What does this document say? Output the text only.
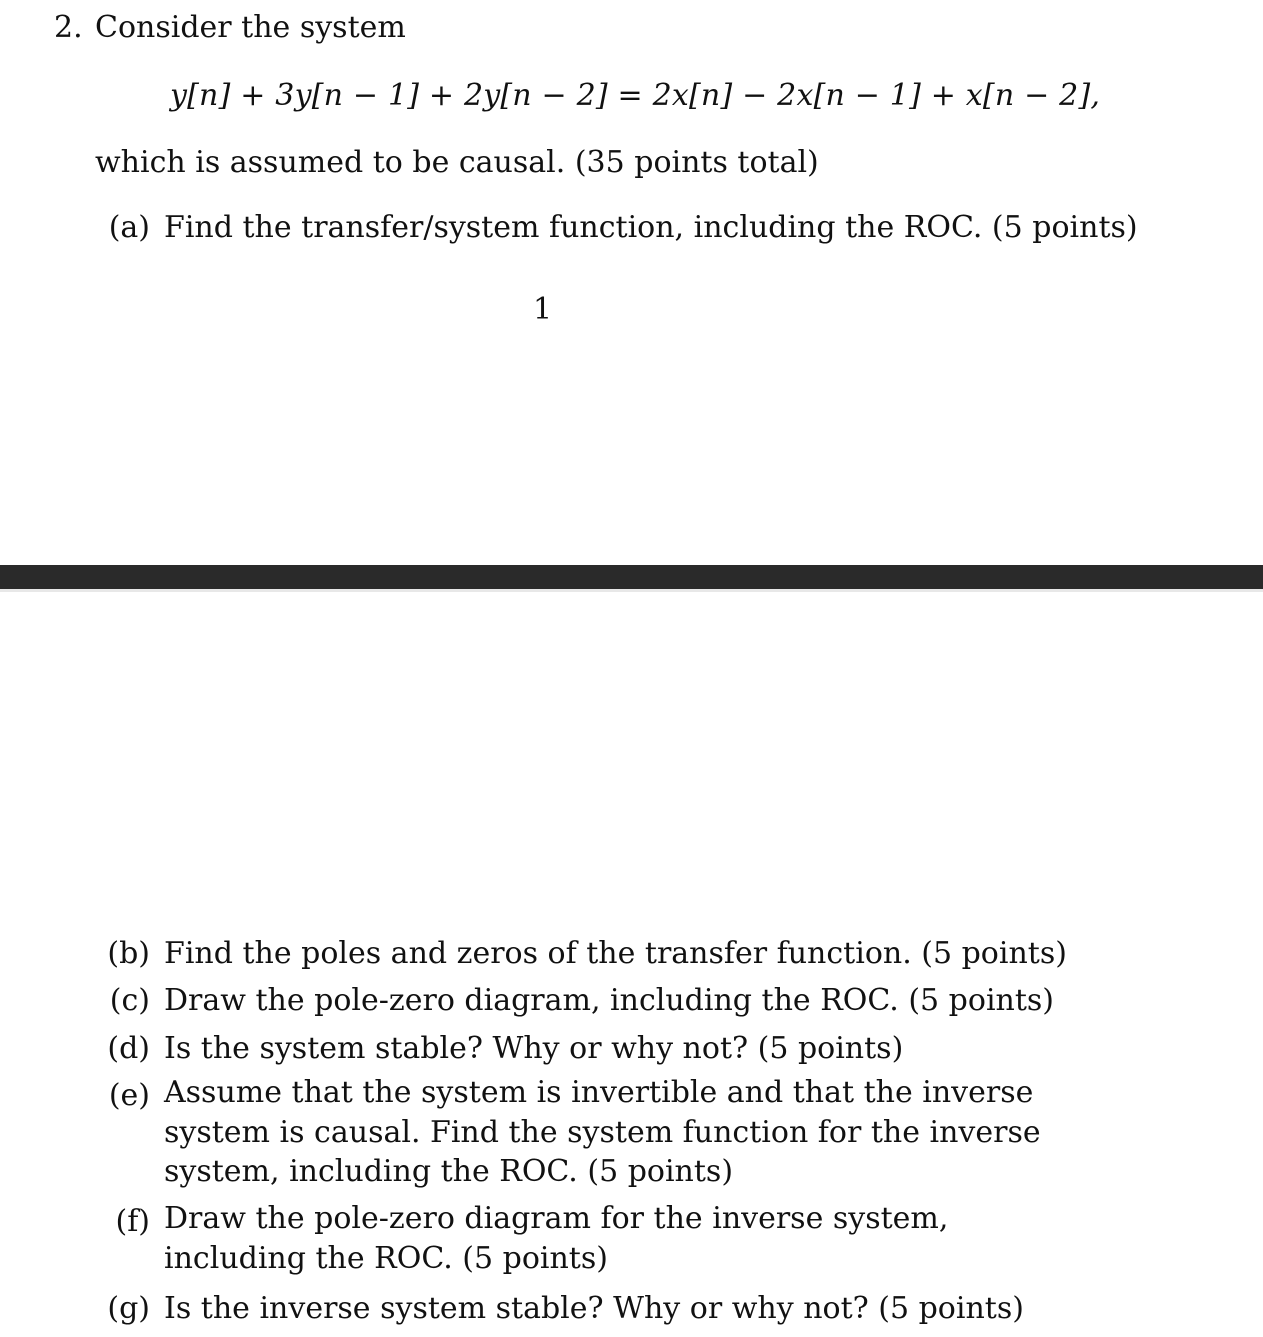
2. Consider the system
y[n] + 3y[n − 1] + 2y[n − 2] = 2x[n] − 2x[n − 1] + x[n − 2],
which is assumed to be causal. (35 points total)
(a) Find the transfer/system function, including the ROC. (5 points)
1
(b) Find the poles and zeros of the transfer function. (5 points)
(c) Draw the pole-zero diagram, including the ROC. (5 points)
(d) Is the system stable? Why or why not? (5 points)
(e) Assume that the system is invertible and that the inverse system is causal. Find the system function for the inverse system, including the ROC. (5 points)
(f) Draw the pole-zero diagram for the inverse system, including the ROC. (5 points)
(g) Is the inverse system stable? Why or why not? (5 points)
